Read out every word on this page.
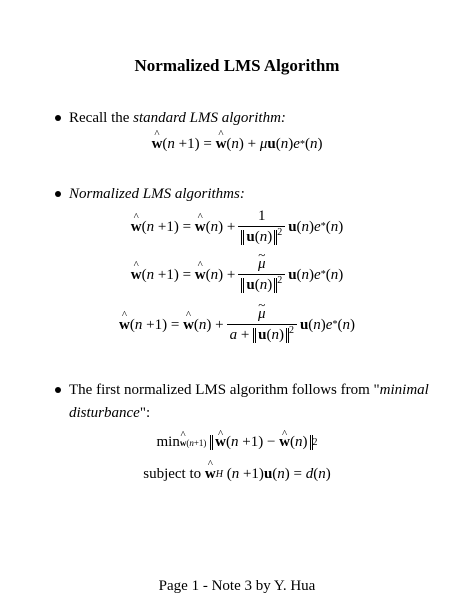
Normalized LMS Algorithm
Recall the standard LMS algorithm:
^ w ( n +1) = ^ w ( n ) + μ u ( n ) e * ( n )
Normalized LMS algorithms:
^ w ( n +1) = ^ w ( n ) + $\frac{1}{u(n) ^2}$ u ( n ) e * ( n )
^ w ( n +1) = ^ w ( n ) + ~ $\frac{\mu}{u(n) ^2}$ u ( n ) e * ( n )
^ w ( n +1) = ^ w ( n ) + ~ $\frac{\mu}{a + u(n) ^2}$ u ( n ) e * ( n )
The first normalized LMS algorithm follows from "minimal
disturbance":
min w(n+1)
^ w(n +1) − ^ w(n) 2
subject to
^ w H ( n +1) u ( n ) = d ( n )
Page 1 - Note 3 by Y. Hua
